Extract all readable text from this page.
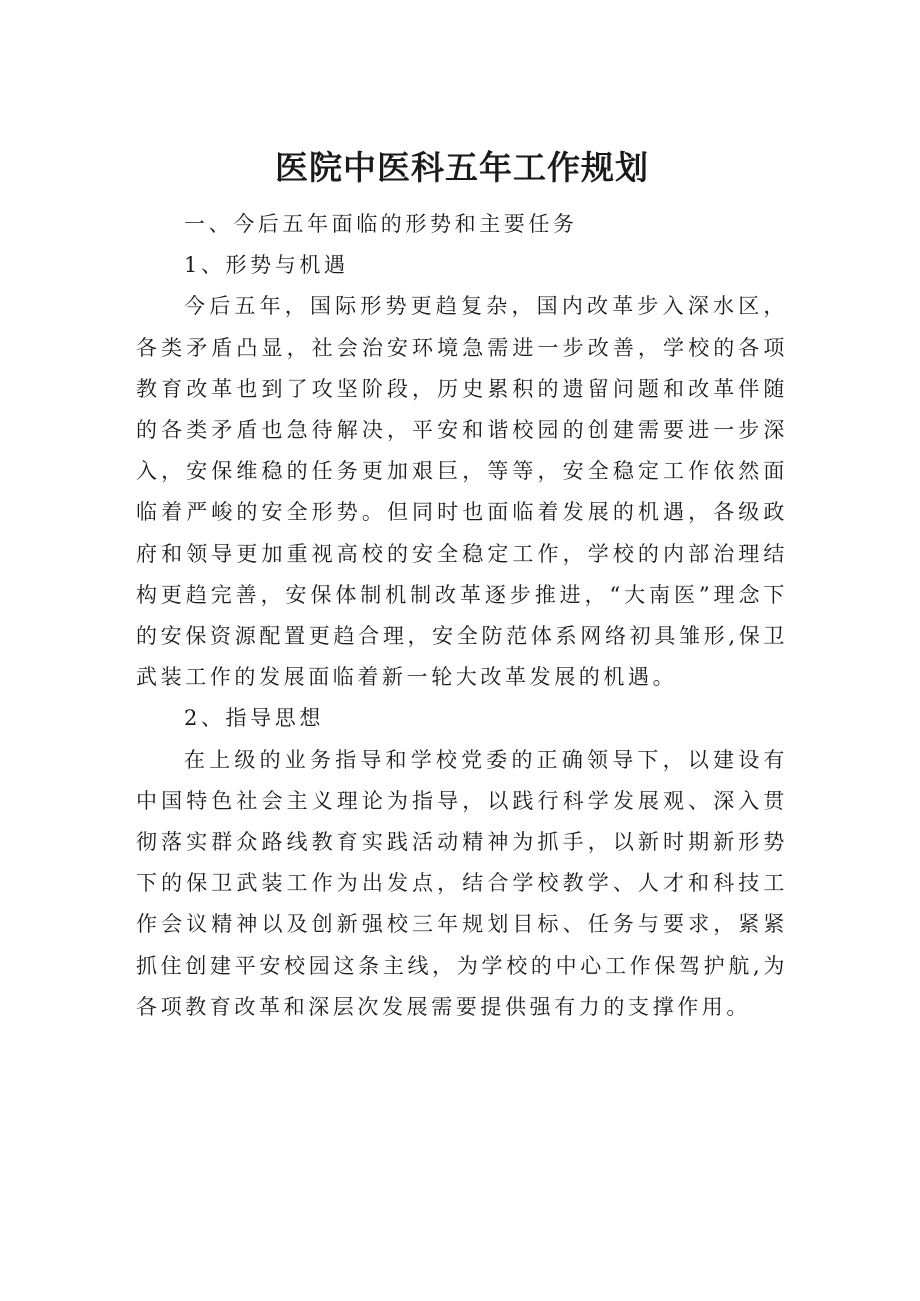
医院中医科五年工作规划

一、今后五年面临的形势和主要任务

1、形势与机遇

今后五年，国际形势更趋复杂，国内改革步入深水区，各类矛盾凸显，社会治安环境急需进一步改善，学校的各项教育改革也到了攻坚阶段，历史累积的遗留问题和改革伴随的各类矛盾也急待解决，平安和谐校园的创建需要进一步深入，安保维稳的任务更加艰巨，等等，安全稳定工作依然面临着严峻的安全形势。但同时也面临着发展的机遇，各级政府和领导更加重视高校的安全稳定工作，学校的内部治理结构更趋完善，安保体制机制改革逐步推进，“大南医”理念下的安保资源配置更趋合理，安全防范体系网络初具雏形,保卫武装工作的发展面临着新一轮大改革发展的机遇。

2、指导思想

在上级的业务指导和学校党委的正确领导下，以建设有中国特色社会主义理论为指导，以践行科学发展观、深入贯彻落实群众路线教育实践活动精神为抓手，以新时期新形势下的保卫武装工作为出发点，结合学校教学、人才和科技工作会议精神以及创新强校三年规划目标、任务与要求，紧紧抓住创建平安校园这条主线，为学校的中心工作保驾护航,为各项教育改革和深层次发展需要提供强有力的支撑作用。
